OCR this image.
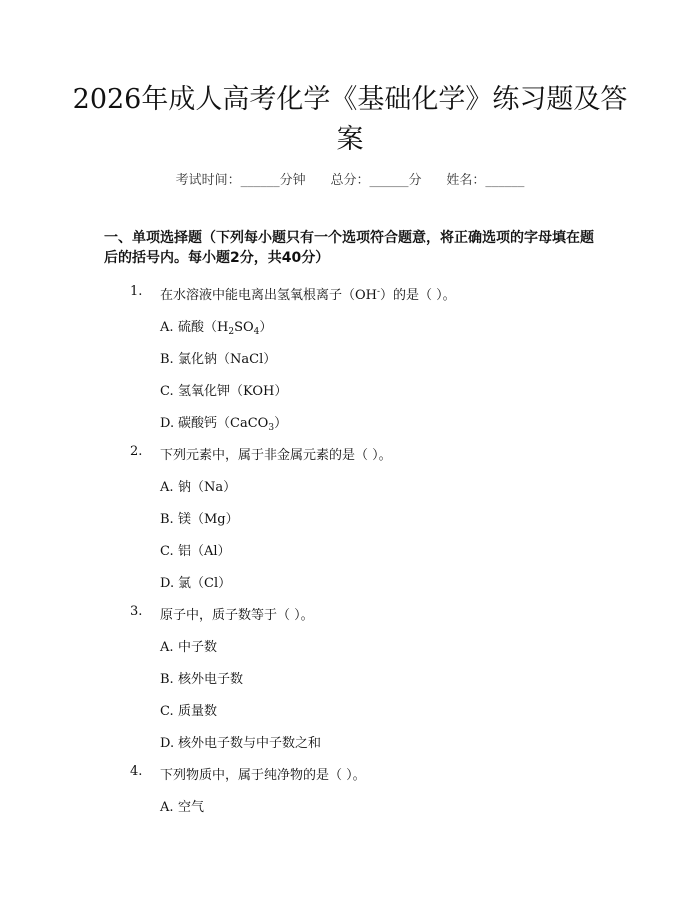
2026年成人高考化学《基础化学》练习题及答案
考试时间：______分钟 总分：______分 姓名：______
一、单项选择题（下列每小题只有一个选项符合题意，将正确选项的字母填在题后的括号内。每小题2分，共40分）
1. 在水溶液中能电离出氢氧根离子（OH-）的是（ ）。
A. 硫酸$(H_2SO_4)$
B. 氯化钠（NaCl）
C. 氢氧化钾（KOH）
D. 碳酸钙（CaCO$_3$）
2. 下列元素中，属于非金属元素的是（ ）。
A. 钠（Na）
B. 镁（Mg）
C. 铝（Al）
D. 氯（Cl）
3. 原子中，质子数等于（ ）。
A. 中子数
B. 核外电子数
C. 质量数
D. 核外电子数与中子数之和
4. 下列物质中，属于纯净物的是（ ）。
A. 空气
